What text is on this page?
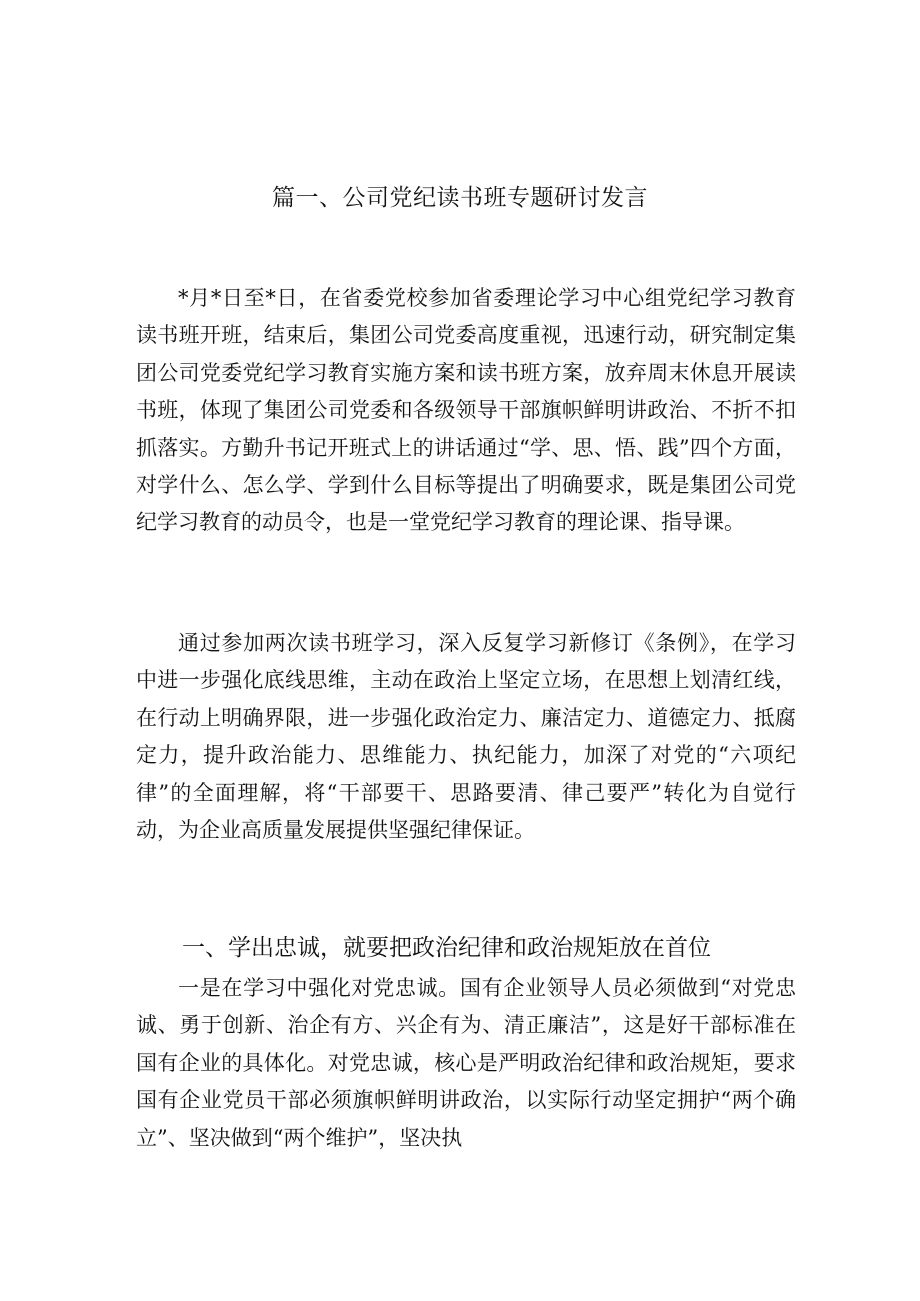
篇一、公司党纪读书班专题研讨发言

*月*日至*日，在省委党校参加省委理论学习中心组党纪学习教育读书班开班，结束后，集团公司党委高度重视，迅速行动，研究制定集团公司党委党纪学习教育实施方案和读书班方案，放弃周末休息开展读书班，体现了集团公司党委和各级领导干部旗帜鲜明讲政治、不折不扣抓落实。方勤升书记开班式上的讲话通过“学、思、悟、践”四个方面，对学什么、怎么学、学到什么目标等提出了明确要求，既是集团公司党纪学习教育的动员令，也是一堂党纪学习教育的理论课、指导课。

通过参加两次读书班学习，深入反复学习新修订《条例》，在学习中进一步强化底线思维，主动在政治上坚定立场，在思想上划清红线，在行动上明确界限，进一步强化政治定力、廉洁定力、道德定力、抵腐定力，提升政治能力、思维能力、执纪能力，加深了对党的“六项纪律”的全面理解，将“干部要干、思路要清、律己要严”转化为自觉行动，为企业高质量发展提供坚强纪律保证。

一、学出忠诚，就要把政治纪律和政治规矩放在首位

一是在学习中强化对党忠诚。国有企业领导人员必须做到“对党忠诚、勇于创新、治企有方、兴企有为、清正廉洁”，这是好干部标准在国有企业的具体化。对党忠诚，核心是严明政治纪律和政治规矩，要求国有企业党员干部必须旗帜鲜明讲政治，以实际行动坚定拥护“两个确立”、坚决做到“两个维护”，坚决执
